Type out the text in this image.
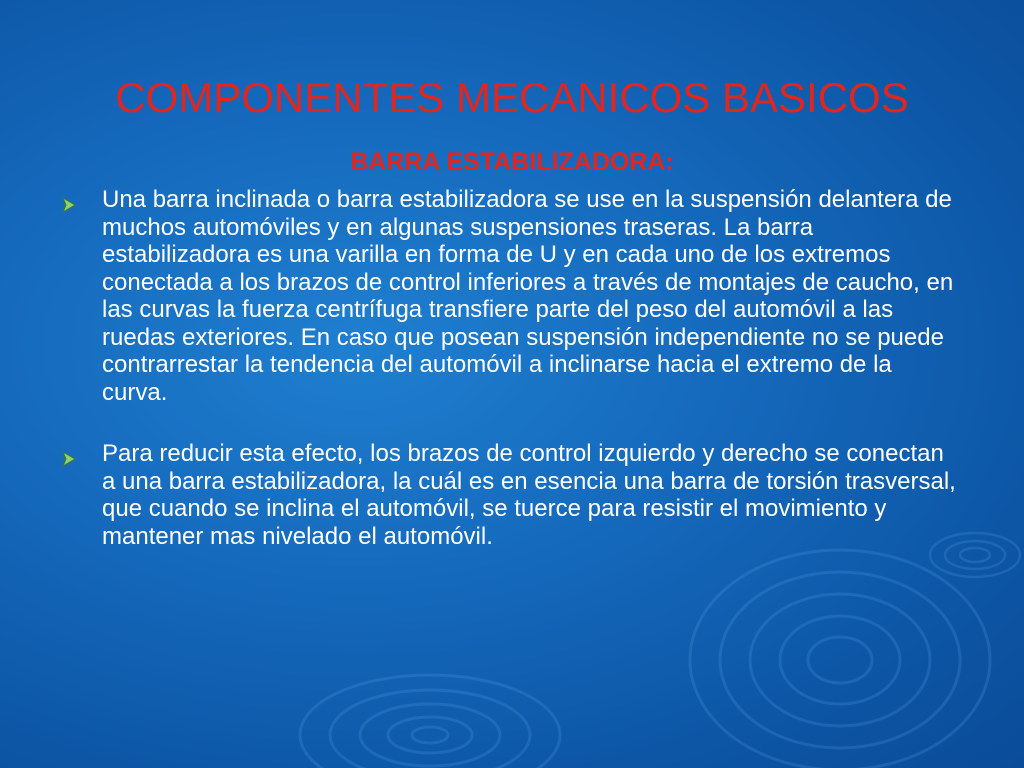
COMPONENTES MECANICOS BASICOS
BARRA ESTABILIZADORA:
Una barra inclinada o barra estabilizadora se use en la suspensión delantera de muchos automóviles y en algunas suspensiones traseras. La barra estabilizadora es una varilla en forma de U y en cada uno de los extremos conectada a los brazos de control inferiores a través de montajes de caucho, en las curvas la fuerza centrífuga transfiere parte del peso del automóvil a las ruedas exteriores. En caso que posean suspensión independiente no se puede contrarrestar la tendencia del automóvil a inclinarse hacia el extremo de la curva.
Para reducir esta efecto, los brazos de control izquierdo y derecho se conectan a una barra estabilizadora, la cuál es en esencia una barra de torsión trasversal, que cuando se inclina el automóvil, se tuerce para resistir el movimiento y mantener mas nivelado el automóvil.
